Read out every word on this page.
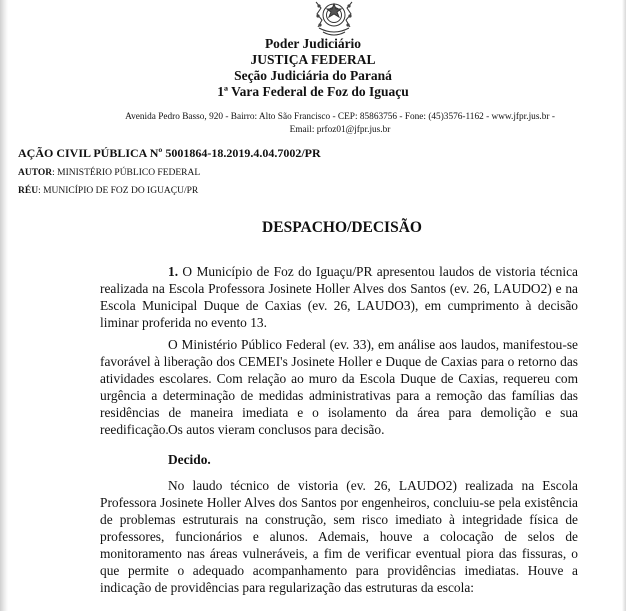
Poder Judiciário
JUSTIÇA FEDERAL
Seção Judiciária do Paraná
1ª Vara Federal de Foz do Iguaçu
Avenida Pedro Basso, 920 - Bairro: Alto São Francisco - CEP: 85863756 - Fone: (45)3576-1162 - www.jfpr.jus.br -
Email: prfoz01@jfpr.jus.br
AÇÃO CIVIL PÚBLICA Nº 5001864-18.2019.4.04.7002/PR
AUTOR: MINISTÉRIO PÚBLICO FEDERAL
RÉU: MUNICÍPIO DE FOZ DO IGUAÇU/PR
DESPACHO/DECISÃO

1. O Município de Foz do Iguaçu/PR apresentou laudos de vistoria técnica realizada na Escola Professora Josinete Holler Alves dos Santos (ev. 26, LAUDO2) e na Escola Municipal Duque de Caxias (ev. 26, LAUDO3), em cumprimento à decisão liminar proferida no evento 13.

O Ministério Público Federal (ev. 33), em análise aos laudos, manifestou-se favorável à liberação dos CEMEI's Josinete Holler e Duque de Caxias para o retorno das atividades escolares. Com relação ao muro da Escola Duque de Caxias, requereu com urgência a determinação de medidas administrativas para a remoção das famílias das residências de maneira imediata e o isolamento da área para demolição e sua reedificação. Os autos vieram conclusos para decisão.

Decido.

No laudo técnico de vistoria (ev. 26, LAUDO2) realizada na Escola Professora Josinete Holler Alves dos Santos por engenheiros, concluiu-se pela existência de problemas estruturais na construção, sem risco imediato à integridade física de professores, funcionários e alunos. Ademais, houve a colocação de selos de monitoramento nas áreas vulneráveis, a fim de verificar eventual piora das fissuras, o que permite o adequado acompanhamento para providências imediatas. Houve a indicação de providências para regularização das estruturas da escola:
